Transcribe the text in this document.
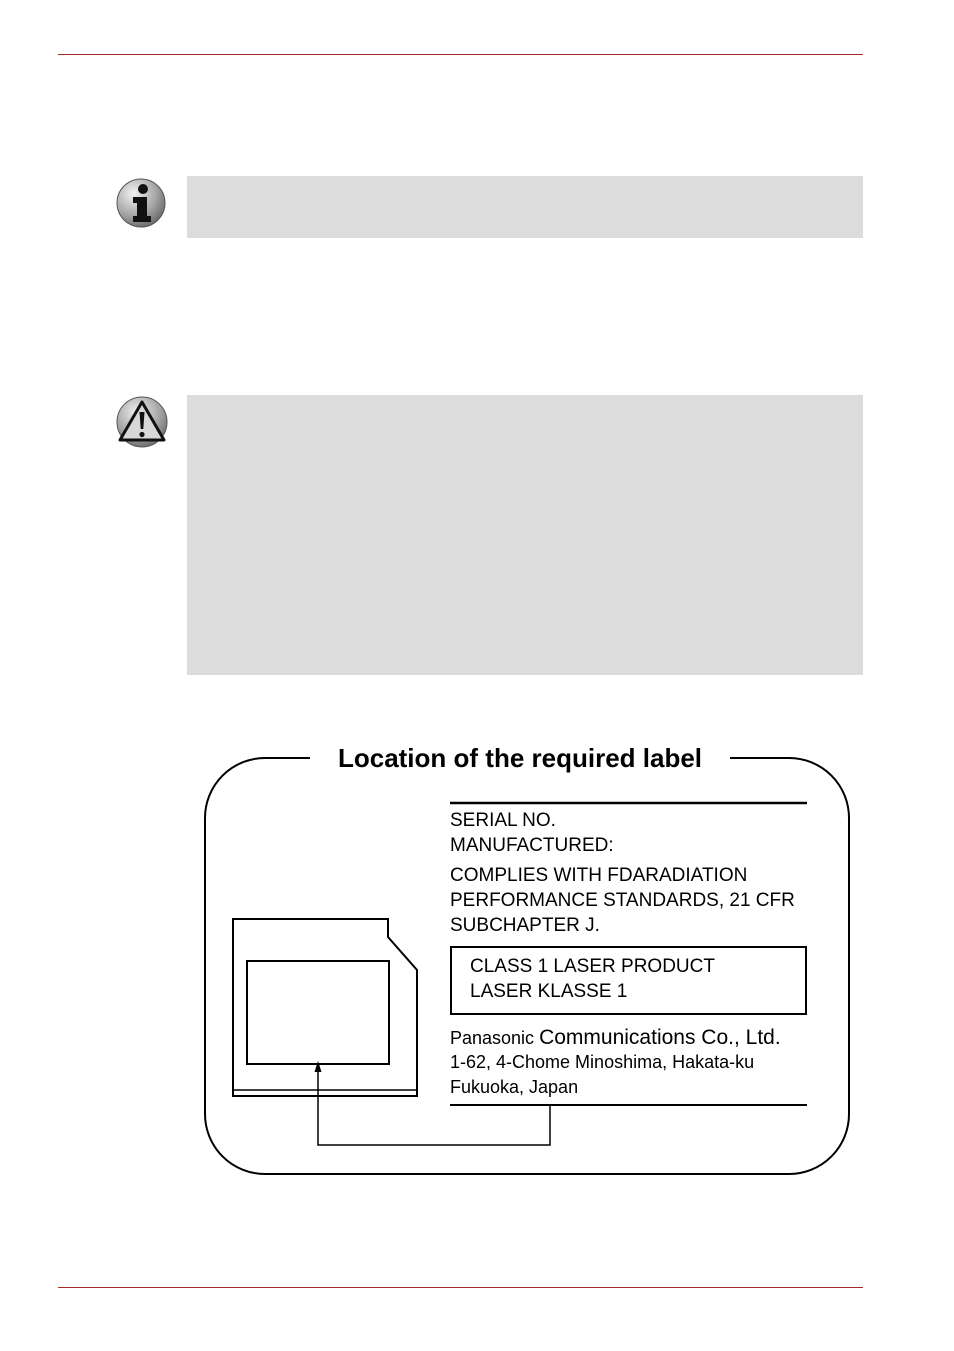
Location of the required label
SERIAL NO.
MANUFACTURED:
COMPLIES WITH FDARADIATION
PERFORMANCE STANDARDS, 21 CFR
SUBCHAPTER J.
CLASS 1 LASER PRODUCT
LASER KLASSE 1
Panasonic Communications Co., Ltd.
1-62, 4-Chome Minoshima, Hakata-ku
Fukuoka, Japan
